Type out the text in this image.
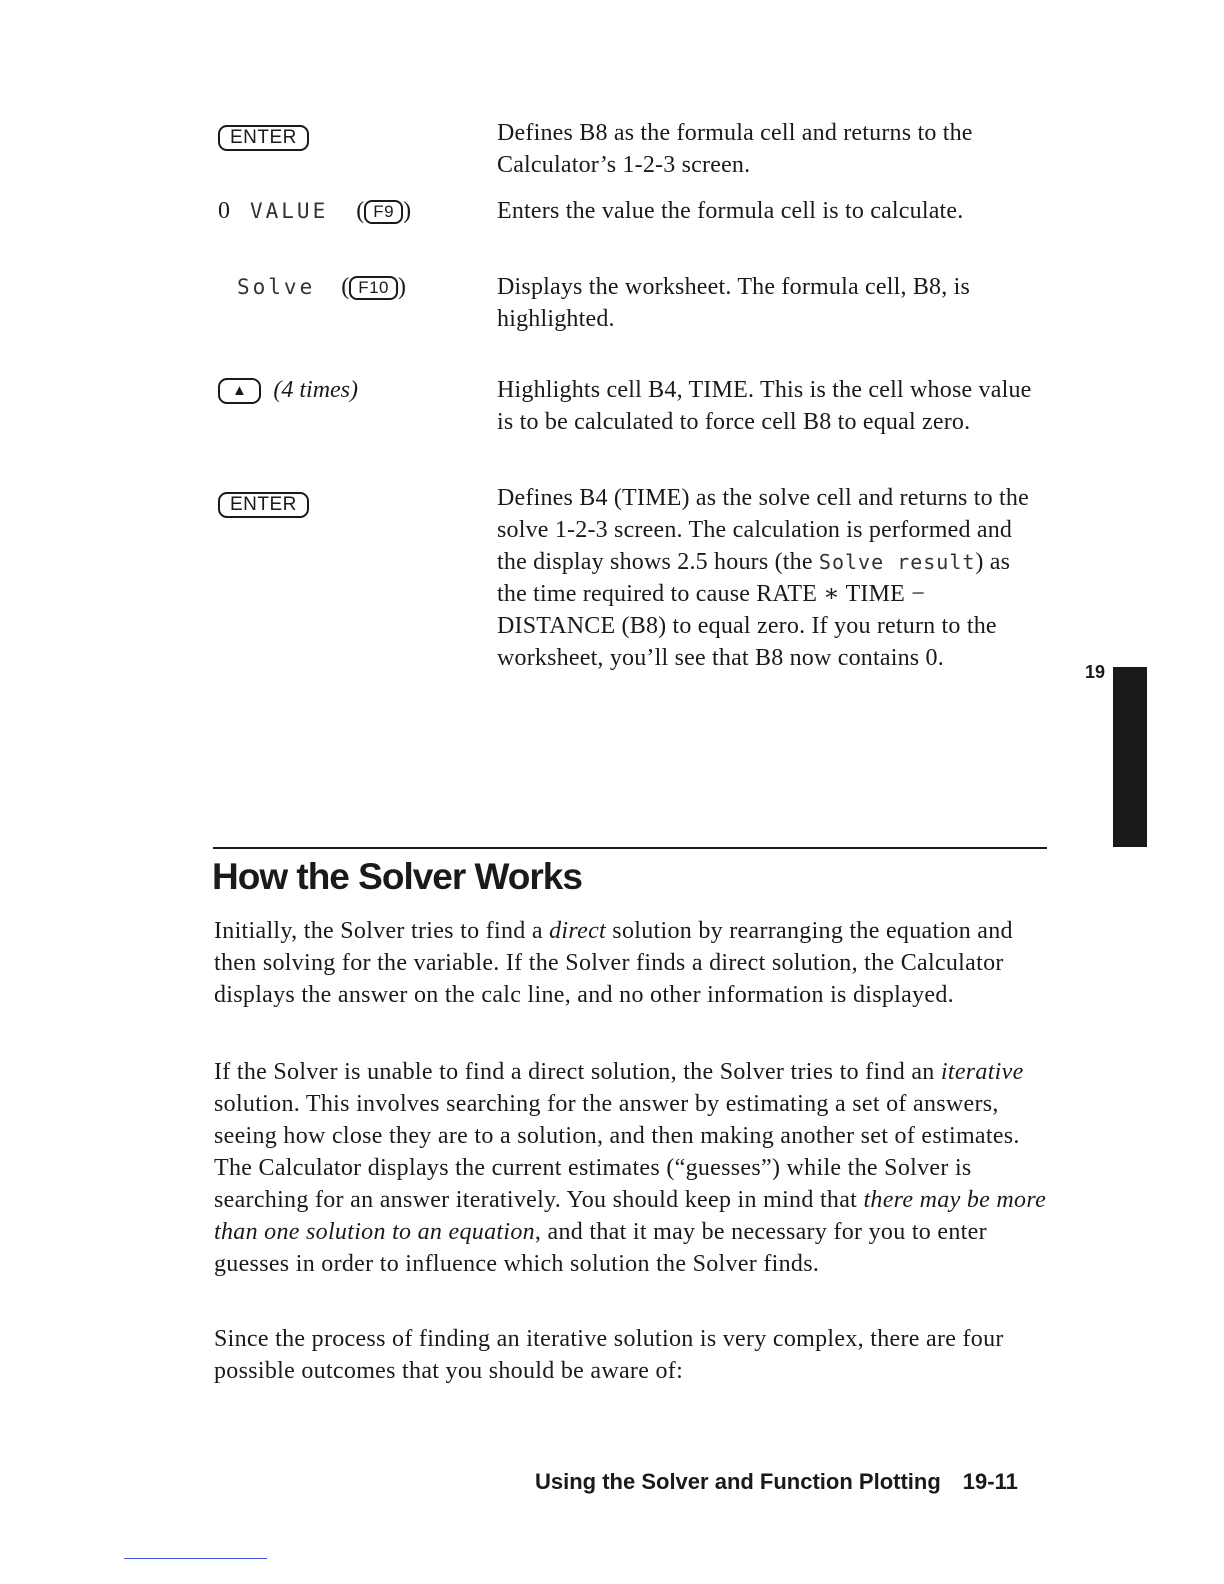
ENTER	Defines B8 as the formula cell and returns to the Calculator’s 1-2-3 screen.
0 VALUE ( F9 )	Enters the value the formula cell is to calculate.
Solve ( F10 )	Displays the worksheet. The formula cell, B8, is highlighted.
▲ (4 times)	Highlights cell B4, TIME. This is the cell whose value is to be calculated to force cell B8 to equal zero.
ENTER	Defines B4 (TIME) as the solve cell and returns to the solve 1-2-3 screen. The calculation is performed and the display shows 2.5 hours (the Solve result) as the time required to cause RATE ∗ TIME − DISTANCE (B8) to equal zero. If you return to the worksheet, you’ll see that B8 now contains 0.
19
How the Solver Works

Initially, the Solver tries to find a direct solution by rearranging the equation and then solving for the variable. If the Solver finds a direct solution, the Calculator displays the answer on the calc line, and no other information is displayed.

If the Solver is unable to find a direct solution, the Solver tries to find an iterative solution. This involves searching for the answer by estimating a set of answers, seeing how close they are to a solution, and then making another set of estimates. The Calculator displays the current estimates (“guesses”) while the Solver is searching for an answer iteratively. You should keep in mind that there may be more than one solution to an equation, and that it may be necessary for you to enter guesses in order to influence which solution the Solver finds.

Since the process of finding an iterative solution is very complex, there are four possible outcomes that you should be aware of:

Using the Solver and Function Plotting 19-11
